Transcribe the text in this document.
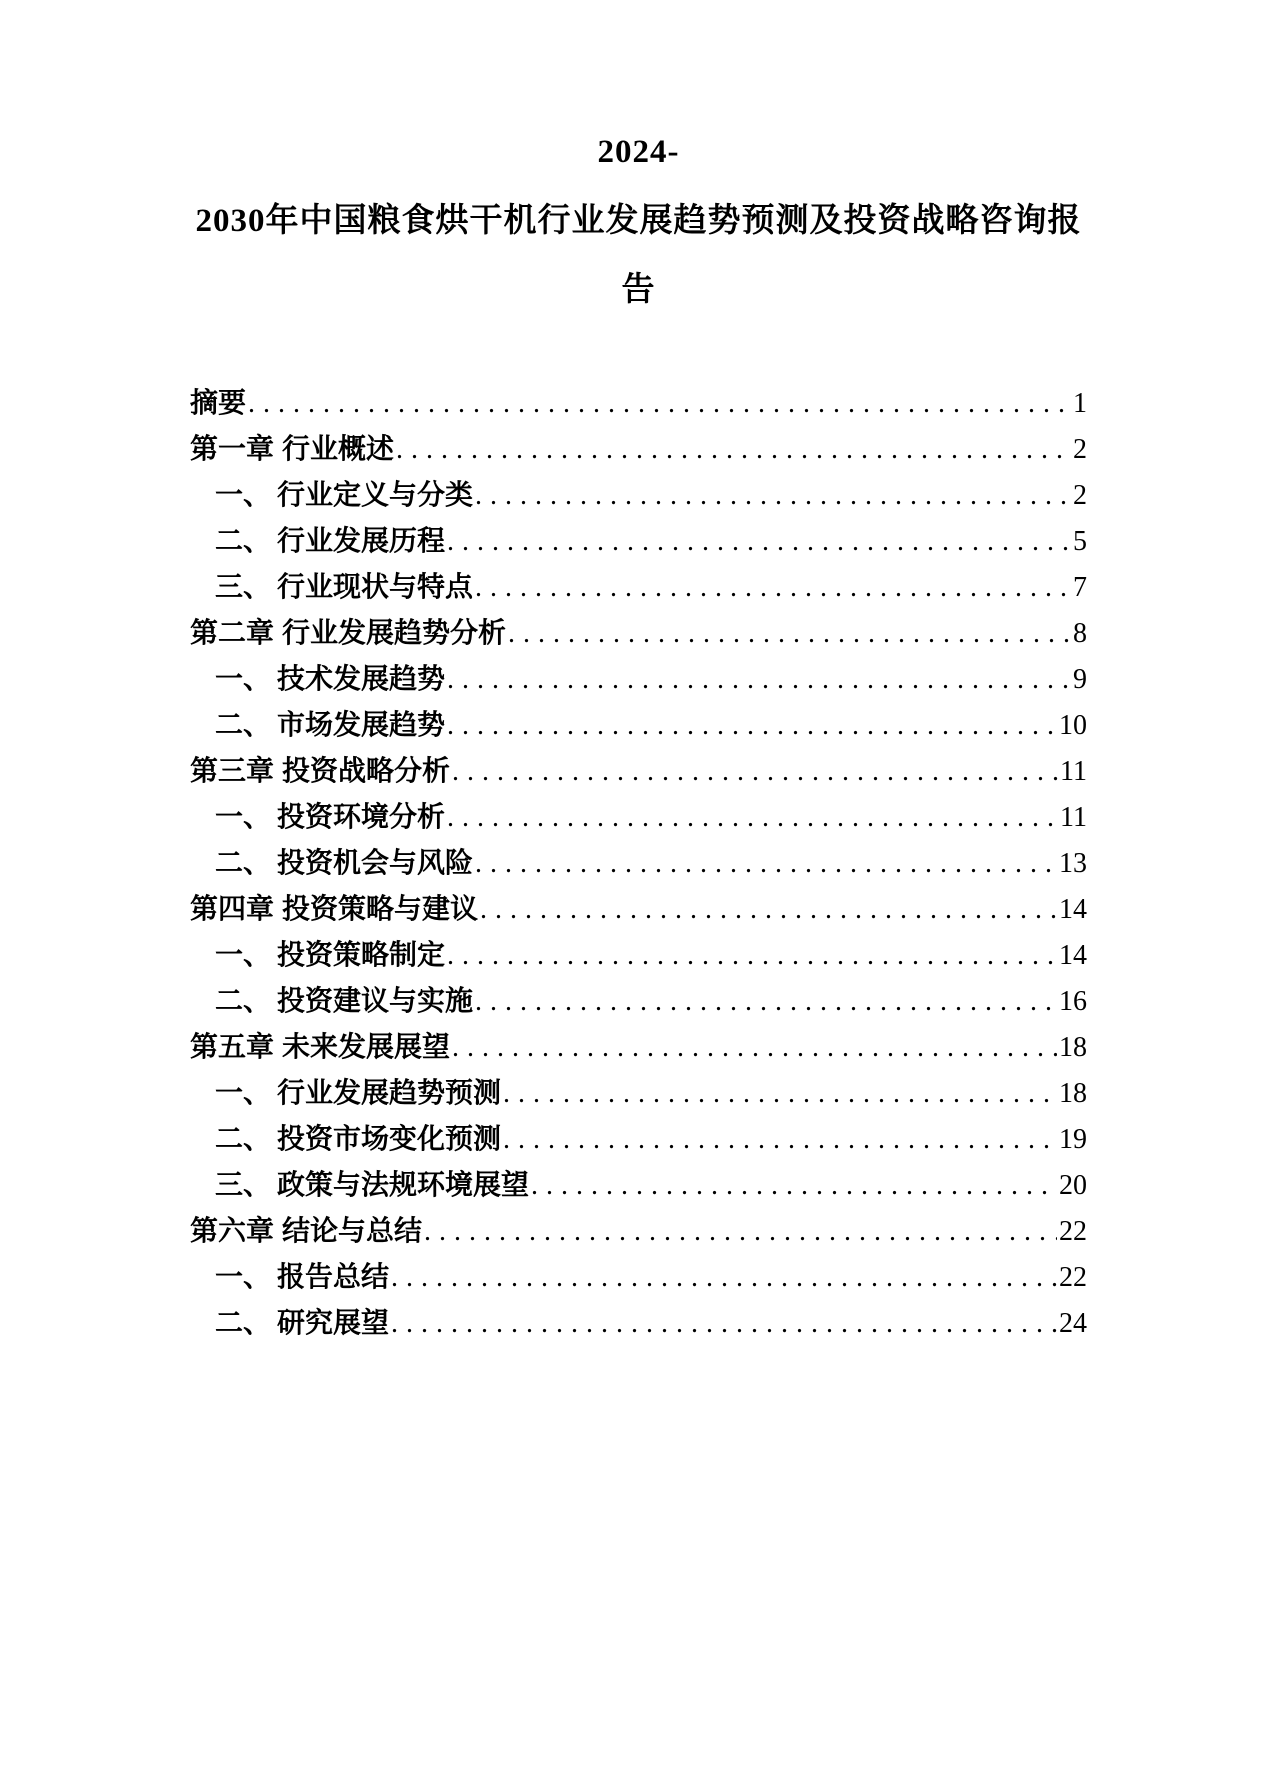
2024-
2030年中国粮食烘干机行业发展趋势预测及投资战略咨询报
告
摘要 .....	1
第一章 行业概述 .....	2
一、 行业定义与分类 .....	2
二、 行业发展历程 .....	5
三、 行业现状与特点 .....	7
第二章 行业发展趋势分析 .....	8
一、 技术发展趋势 .....	9
二、 市场发展趋势 .....	10
第三章 投资战略分析 .....	11
一、 投资环境分析 .....	11
二、 投资机会与风险 .....	13
第四章 投资策略与建议 .....	14
一、 投资策略制定 .....	14
二、 投资建议与实施 .....	16
第五章 未来发展展望 .....	18
一、 行业发展趋势预测 .....	18
二、 投资市场变化预测 .....	19
三、 政策与法规环境展望 .....	20
第六章 结论与总结 .....	22
一、 报告总结 .....	22
二、 研究展望 .....	24
